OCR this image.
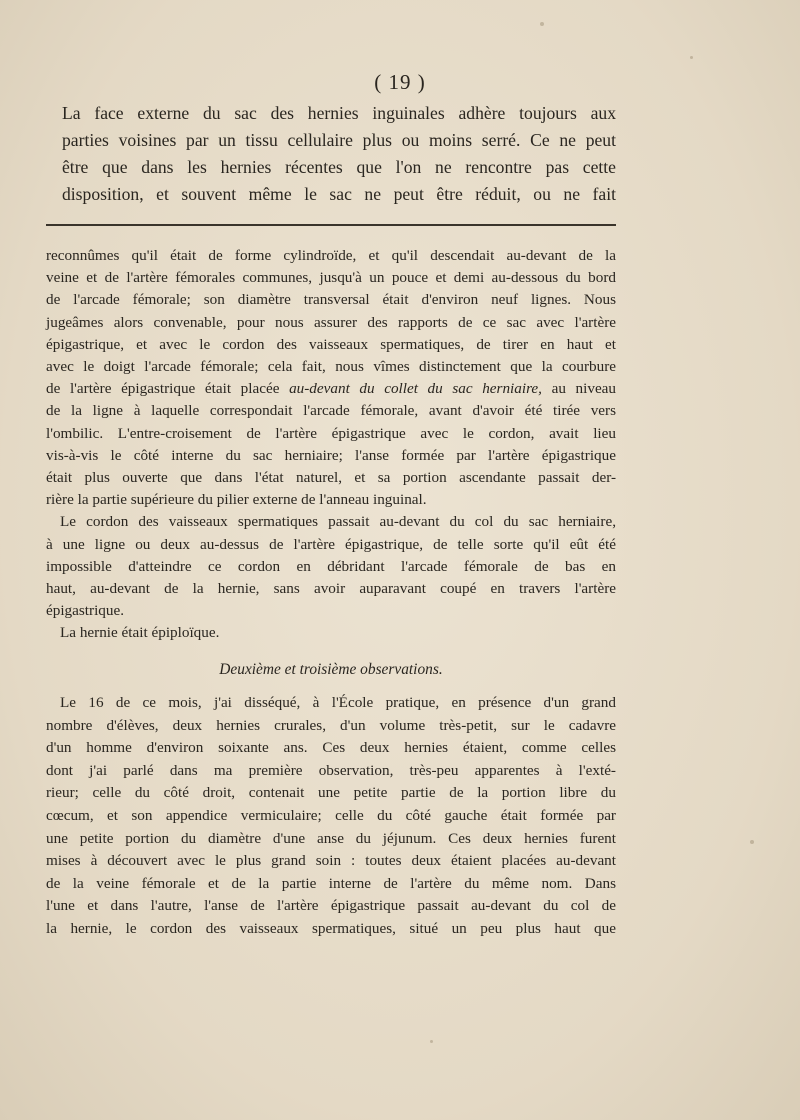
( 19 )
La face externe du sac des hernies inguinales adhère toujours aux
parties voisines par un tissu cellulaire plus ou moins serré. Ce ne peut
être que dans les hernies récentes que l'on ne rencontre pas cette
disposition, et souvent même le sac ne peut être réduit, ou ne fait
reconnûmes qu'il était de forme cylindroïde, et qu'il descendait au-devant de la
veine et de l'artère fémorales communes, jusqu'à un pouce et demi au-dessous du bord
de l'arcade fémorale; son diamètre transversal était d'environ neuf lignes. Nous
jugeâmes alors convenable, pour nous assurer des rapports de ce sac avec l'artère
épigastrique, et avec le cordon des vaisseaux spermatiques, de tirer en haut et
avec le doigt l'arcade fémorale; cela fait, nous vîmes distinctement que la courbure
de l'artère épigastrique était placée au-devant du collet du sac herniaire, au niveau
de la ligne à laquelle correspondait l'arcade fémorale, avant d'avoir été tirée vers
l'ombilic. L'entre-croisement de l'artère épigastrique avec le cordon, avait lieu
vis-à-vis le côté interne du sac herniaire; l'anse formée par l'artère épigastrique
était plus ouverte que dans l'état naturel, et sa portion ascendante passait der-
rière la partie supérieure du pilier externe de l'anneau inguinal.
Le cordon des vaisseaux spermatiques passait au-devant du col du sac herniaire,
à une ligne ou deux au-dessus de l'artère épigastrique, de telle sorte qu'il eût été
impossible d'atteindre ce cordon en débridant l'arcade fémorale de bas en
haut, au-devant de la hernie, sans avoir auparavant coupé en travers l'artère
épigastrique.
La hernie était épiploïque.
Deuxième et troisième observations.
Le 16 de ce mois, j'ai disséqué, à l'École pratique, en présence d'un grand
nombre d'élèves, deux hernies crurales, d'un volume très-petit, sur le cadavre
d'un homme d'environ soixante ans. Ces deux hernies étaient, comme celles
dont j'ai parlé dans ma première observation, très-peu apparentes à l'exté-
rieur; celle du côté droit, contenait une petite partie de la portion libre du
cœcum, et son appendice vermiculaire; celle du côté gauche était formée par
une petite portion du diamètre d'une anse du jéjunum. Ces deux hernies furent
mises à découvert avec le plus grand soin : toutes deux étaient placées au-devant
de la veine fémorale et de la partie interne de l'artère du même nom. Dans
l'une et dans l'autre, l'anse de l'artère épigastrique passait au-devant du col de
la hernie, le cordon des vaisseaux spermatiques, situé un peu plus haut que
